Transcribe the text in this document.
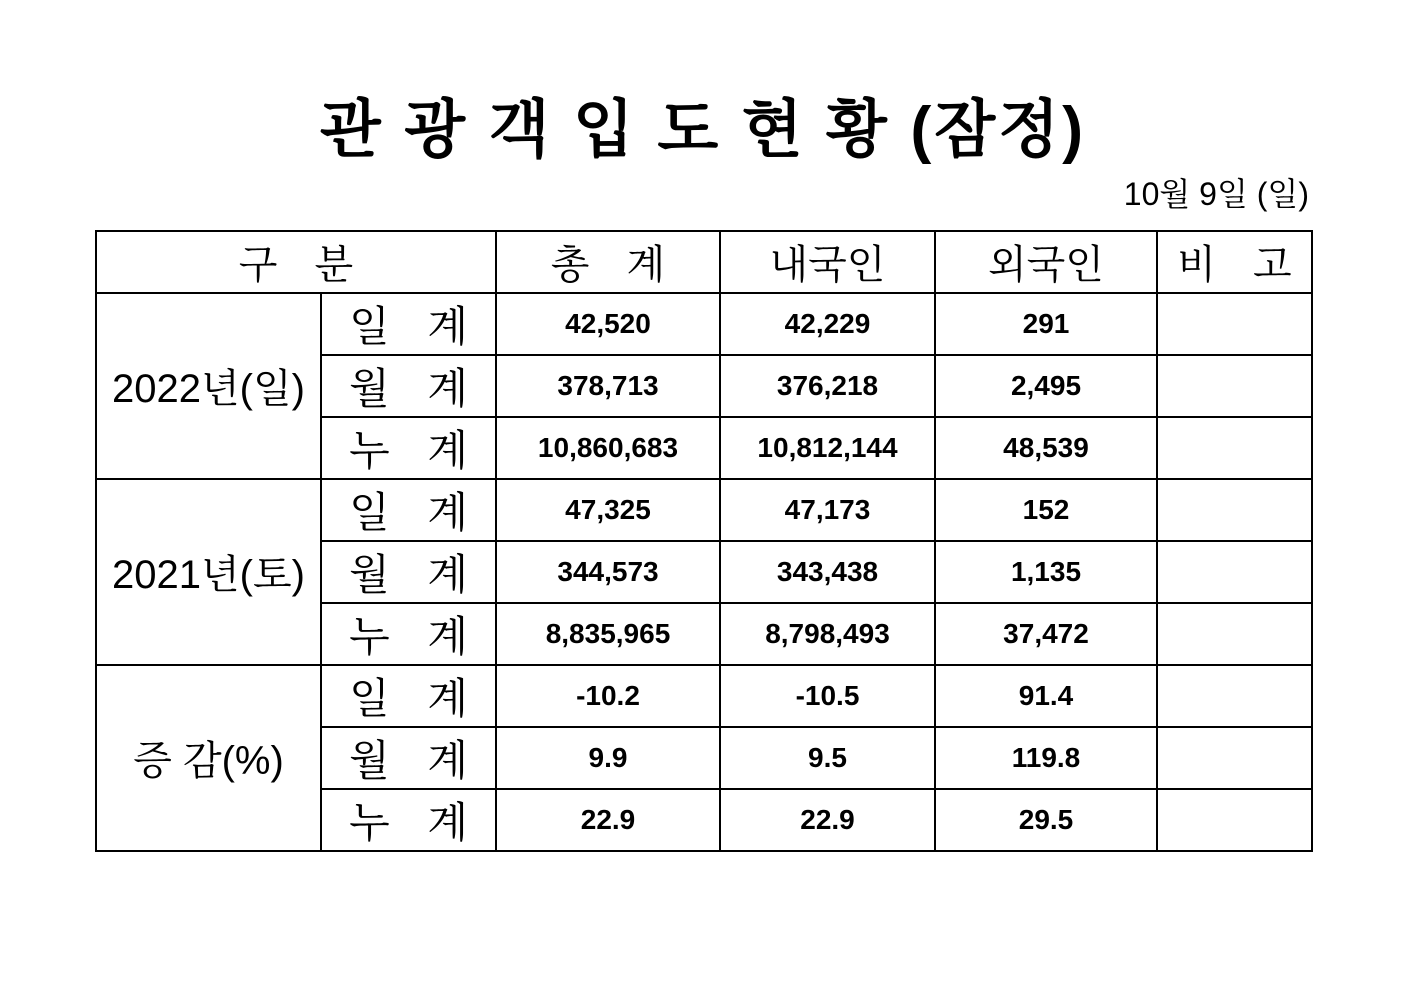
관 광 객 입 도 현 황 (잠정)
10월 9일 (일)
구 분		총 계	내국인	외국인	비 고
2022년(일)	일 계	42,520	42,229	291	
	월 계	378,713	376,218	2,495	
	누 계	10,860,683	10,812,144	48,539	
2021년(토)	일 계	47,325	47,173	152	
	월 계	344,573	343,438	1,135	
	누 계	8,835,965	8,798,493	37,472	
증 감(%)	일 계	-10.2	-10.5	91.4	
	월 계	9.9	9.5	119.8	
	누 계	22.9	22.9	29.5	
